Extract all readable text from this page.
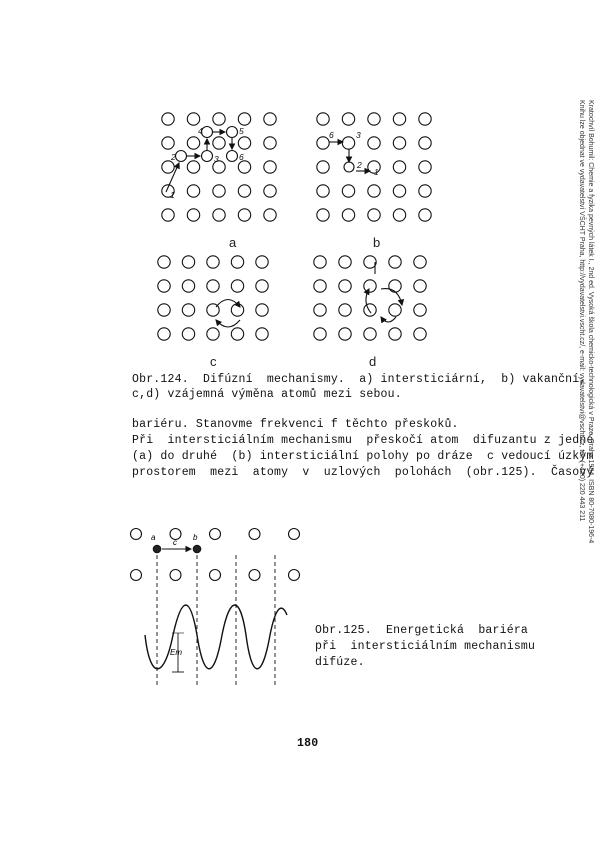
1
2	3
4	5
6
1
2
3
6
a	b
c	d
Obr.124.  Difúzní  mechanismy.  a) intersticiární,  b) vakanční,
c,d) vzájemná výměna atomů mezi sebou.
bariéru. Stanovme frekvenci f těchto přeskoků.
Při  intersticiálním mechanismu  přeskočí atom  difuzantu z jedné
(a) do druhé  (b) intersticiální polohy po dráze  c vedoucí úzkým
prostorem  mezi  atomy  v  uzlových  polohách  (obr.125).  Časový
a	b
c
Em
Obr.125.  Energetická  bariéra
při  intersticiálním mechanismu
difúze.
180
Kratochvíl Bohumil: Chemie a fyzika pevných látek I., 2nd ed. Vysoká škola chemicko-technologická v Praze, Praha 1984. ISBN 80-7080-196-4
Knihu lze objednat ve vydavatelství VŠCHT Praha, http://vydavatelstvi.vscht.cz/, e-mail: vydavatelstvi@vscht.cz, tel. (+420) 220 443 211
